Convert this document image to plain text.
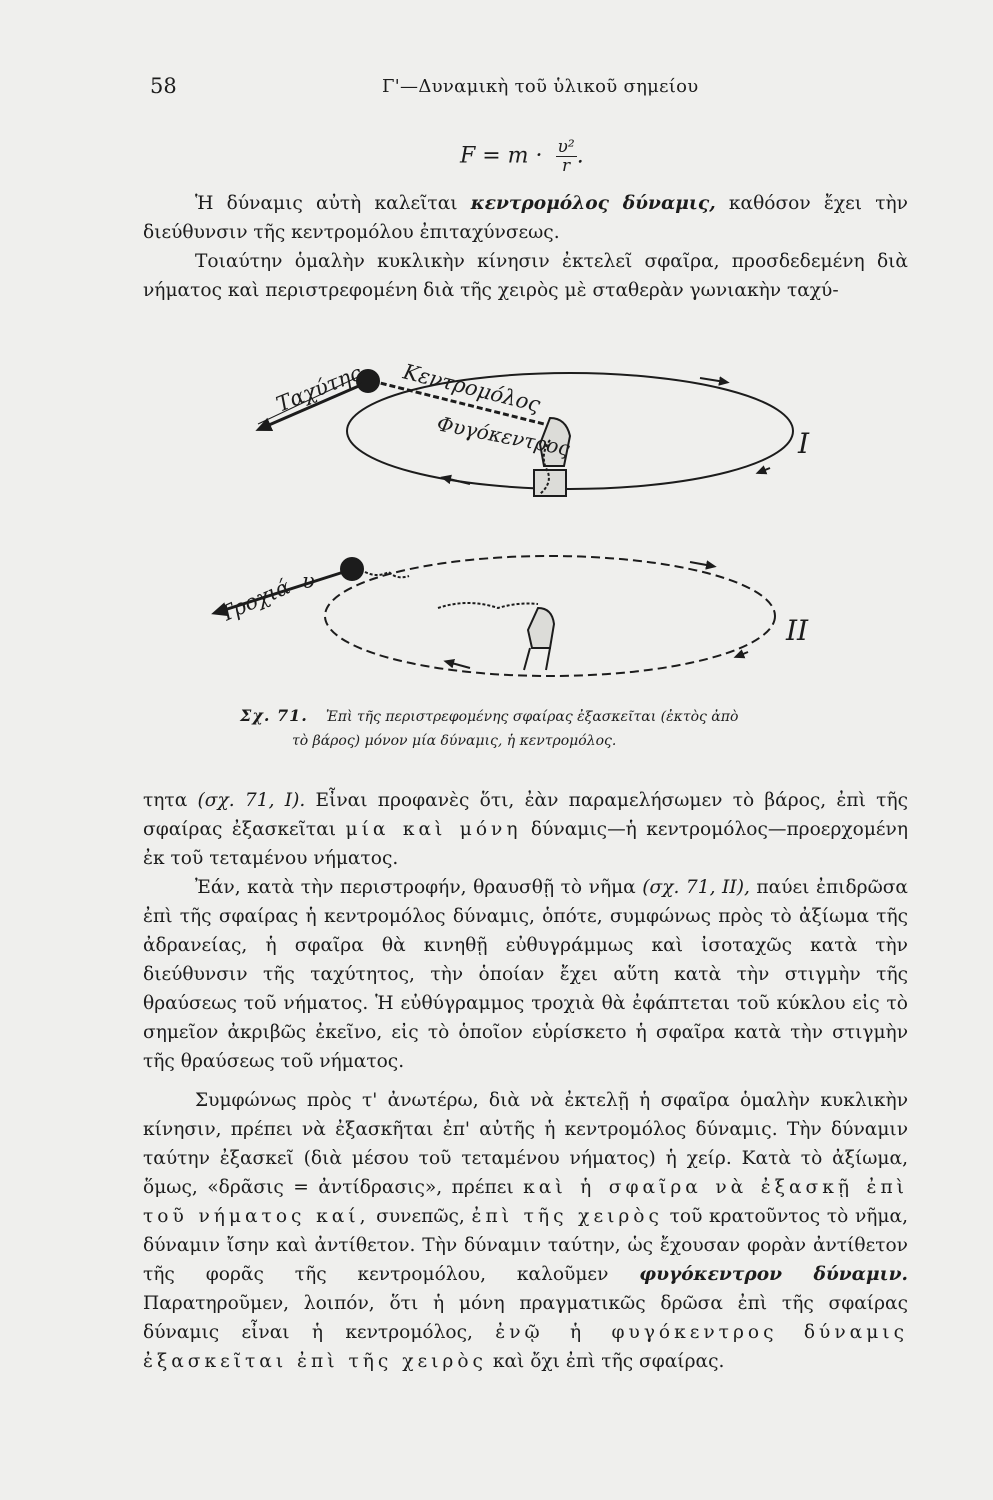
58	Γ'—Δυναμικὴ τοῦ ὑλικοῦ σημείου
$F = m \cdot \frac{\text{υ²}}{r}$ .

Ἡ δύναμις αὐτὴ καλεῖται κεντρομόλος δύναμις, καθόσον ἔχει τὴν διεύθυνσιν τῆς κεντρομόλου ἐπιταχύνσεως.

Τοιαύτην ὁμαλὴν κυκλικὴν κίνησιν ἐκτελεῖ σφαῖρα, προσδεδεμένη διὰ νήματος καὶ περιστρεφομένη διὰ τῆς χειρὸς μὲ σταθερὰν γωνιακὴν ταχύ-

Ταχύτης Κεντρομόλος
Φυγόκεντρος	I
Τροχιά υ
II
Σχ. 71. Ἐπὶ τῆς περιστρεφομένης σφαίρας ἐξασκεῖται (ἐκτὸς ἀπὸ
τὸ βάρος) μόνον μία δύναμις, ἡ κεντρομόλος.

τητα (σχ. 71, I). Εἶναι προφανὲς ὅτι, ἐὰν παραμελήσωμεν τὸ βάρος, ἐπὶ τῆς σφαίρας ἐξασκεῖται μία καὶ μόνη δύναμις—ἡ κεντρομόλος—προερχομένη ἐκ τοῦ τεταμένου νήματος.

Ἐάν, κατὰ τὴν περιστροφήν, θραυσθῇ τὸ νῆμα (σχ. 71, II), παύει ἐπιδρῶσα ἐπὶ τῆς σφαίρας ἡ κεντρομόλος δύναμις, ὁπότε, συμφώνως πρὸς τὸ ἀξίωμα τῆς ἀδρανείας, ἡ σφαῖρα θὰ κινηθῇ εὐθυγράμμως καὶ ἰσοταχῶς κατὰ τὴν διεύθυνσιν τῆς ταχύτητος, τὴν ὁποίαν ἔχει αὕτη κατὰ τὴν στιγμὴν τῆς θραύσεως τοῦ νήματος. Ἡ εὐθύγραμμος τροχιὰ θὰ ἐφάπτεται τοῦ κύκλου εἰς τὸ σημεῖον ἀκριβῶς ἐκεῖνο, εἰς τὸ ὁποῖον εὑρίσκετο ἡ σφαῖρα κατὰ τὴν στιγμὴν τῆς θραύσεως τοῦ νήματος.

Συμφώνως πρὸς τ' ἀνωτέρω, διὰ νὰ ἐκτελῇ ἡ σφαῖρα ὁμαλὴν κυκλικὴν κίνησιν, πρέπει νὰ ἐξασκῆται ἐπ' αὐτῆς ἡ κεντρομόλος δύναμις. Τὴν δύναμιν ταύτην ἐξασκεῖ (διὰ μέσου τοῦ τεταμένου νήματος) ἡ χείρ. Κατὰ τὸ ἀξίωμα, ὅμως, «δρᾶσις = ἀντίδρασις», πρέπει καὶ ἡ σφαῖρα νὰ ἐξασκῇ ἐπὶ τοῦ νήματος καί, συνεπῶς, ἐπὶ τῆς χειρὸς τοῦ κρατοῦντος τὸ νῆμα, δύναμιν ἴσην καὶ ἀντίθετον. Τὴν δύναμιν ταύτην, ὡς ἔχουσαν φορὰν ἀντίθετον τῆς φορᾶς τῆς κεντρομόλου, καλοῦμεν φυγόκεντρον δύναμιν. Παρατηροῦμεν, λοιπόν, ὅτι ἡ μόνη πραγματικῶς δρῶσα ἐπὶ τῆς σφαίρας δύναμις εἶναι ἡ κεντρομόλος, ἐνῷ ἡ φυγόκεντρος δύναμις ἐξασκεῖται ἐπὶ τῆς χειρὸς καὶ ὄχι ἐπὶ τῆς σφαίρας.
